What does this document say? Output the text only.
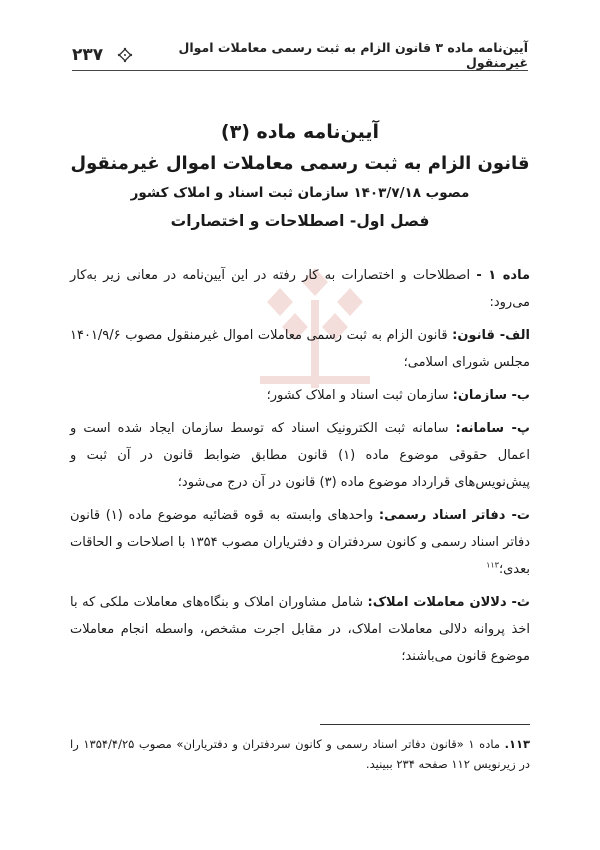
آیین‌نامه ماده ۳ قانون الزام به ثبت رسمی معاملات اموال غیرمنقول
۲۳۷

آیین‌نامه ماده (۳)

قانون الزام به ثبت رسمی معاملات اموال غیرمنقول

مصوب ۱۴۰۳/۷/۱۸ سازمان ثبت اسناد و املاک کشور

فصل اول- اصطلاحات و اختصارات

ماده ۱ - اصطلاحات و اختصارات به کار رفته در این آیین‌نامه در معانی زیر به‌کار می‌رود:

الف- قانون: قانون الزام به ثبت رسمی معاملات اموال غیرمنقول مصوب ۱۴۰۱/۹/۶ مجلس شورای اسلامی؛

ب- سازمان: سازمان ثبت اسناد و املاک کشور؛

پ- سامانه: سامانه ثبت الکترونیک اسناد که توسط سازمان ایجاد شده است و اعمال حقوقی موضوع ماده (۱) قانون مطابق ضوابط قانون در آن ثبت و پیش‌نویس‌های قرارداد موضوع ماده (۳) قانون در آن درج می‌شود؛

ت- دفاتر اسناد رسمی: واحدهای وابسته به قوه قضائیه موضوع ماده (۱) قانون دفاتر اسناد رسمی و کانون سردفتران و دفتریاران مصوب ۱۳۵۴ با اصلاحات و الحاقات بعدی؛$^{۱۱۳}$

ث- دلالان معاملات املاک: شامل مشاوران املاک و بنگاه‌های معاملات ملکی که با اخذ پروانه دلالی معاملات املاک، در مقابل اجرت مشخص، واسطه انجام معاملات موضوع قانون می‌باشند؛

۱۱۳. ماده ۱ «قانون دفاتر اسناد رسمی و کانون سردفتران و دفتریاران» مصوب ۱۳۵۴/۴/۲۵ را در زیرنویس ۱۱۲ صفحه ۲۳۴ ببینید.
